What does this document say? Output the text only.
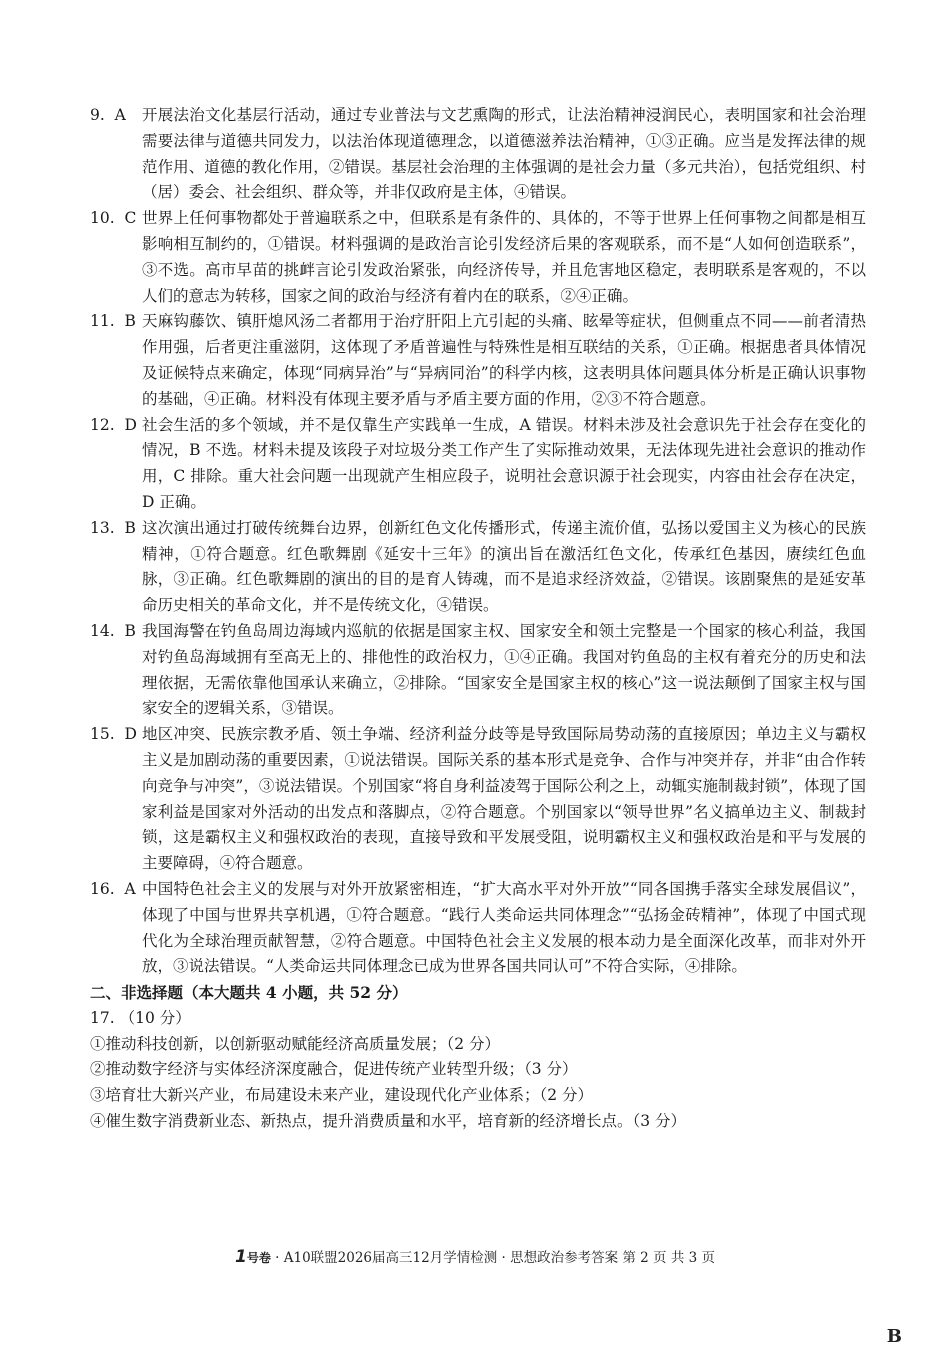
9.  A	开展法治文化基层行活动，通过专业普法与文艺熏陶的形式，让法治精神浸润民心，表明国家和社会治理需要法律与道德共同发力，以法治体现道德理念，以道德滋养法治精神，①③正确。应当是发挥法律的规范作用、道德的教化作用，②错误。基层社会治理的主体强调的是社会力量（多元共治），包括党组织、村（居）委会、社会组织、群众等，并非仅政府是主体，④错误。
10.  C 世界上任何事物都处于普遍联系之中，但联系是有条件的、具体的，不等于世界上任何事物之间都是相互影响相互制约的，①错误。材料强调的是政治言论引发经济后果的客观联系，而不是“人如何创造联系”，③不选。高市早苗的挑衅言论引发政治紧张，向经济传导，并且危害地区稳定，表明联系是客观的，不以人们的意志为转移，国家之间的政治与经济有着内在的联系，②④正确。
11.  B 天麻钩藤饮、镇肝熄风汤二者都用于治疗肝阳上亢引起的头痛、眩晕等症状，但侧重点不同——前者清热作用强，后者更注重滋阴，这体现了矛盾普遍性与特殊性是相互联结的关系，①正确。根据患者具体情况及证候特点来确定，体现“同病异治”与“异病同治”的科学内核，这表明具体问题具体分析是正确认识事物的基础，④正确。材料没有体现主要矛盾与矛盾主要方面的作用，②③不符合题意。
12.  D 社会生活的多个领域，并不是仅靠生产实践单一生成，A 错误。材料未涉及社会意识先于社会存在变化的情况，B 不选。材料未提及该段子对垃圾分类工作产生了实际推动效果，无法体现先进社会意识的推动作用，C 排除。重大社会问题一出现就产生相应段子，说明社会意识源于社会现实，内容由社会存在决定，D 正确。
13.  B 这次演出通过打破传统舞台边界，创新红色文化传播形式，传递主流价值，弘扬以爱国主义为核心的民族精神，①符合题意。红色歌舞剧《延安十三年》的演出旨在激活红色文化，传承红色基因，赓续红色血脉，③正确。红色歌舞剧的演出的目的是育人铸魂，而不是追求经济效益，②错误。该剧聚焦的是延安革命历史相关的革命文化，并不是传统文化，④错误。
14.  B 我国海警在钓鱼岛周边海域内巡航的依据是国家主权、国家安全和领土完整是一个国家的核心利益，我国对钓鱼岛海域拥有至高无上的、排他性的政治权力，①④正确。我国对钓鱼岛的主权有着充分的历史和法理依据，无需依靠他国承认来确立，②排除。“国家安全是国家主权的核心”这一说法颠倒了国家主权与国家安全的逻辑关系，③错误。
15.  D 地区冲突、民族宗教矛盾、领土争端、经济利益分歧等是导致国际局势动荡的直接原因；单边主义与霸权主义是加剧动荡的重要因素，①说法错误。国际关系的基本形式是竞争、合作与冲突并存，并非“由合作转向竞争与冲突”，③说法错误。个别国家“将自身利益凌驾于国际公利之上，动辄实施制裁封锁”，体现了国家利益是国家对外活动的出发点和落脚点，②符合题意。个别国家以“领导世界”名义搞单边主义、制裁封锁，这是霸权主义和强权政治的表现，直接导致和平发展受阻，说明霸权主义和强权政治是和平与发展的主要障碍，④符合题意。
16.  A 中国特色社会主义的发展与对外开放紧密相连，“扩大高水平对外开放”“同各国携手落实全球发展倡议”，体现了中国与世界共享机遇，①符合题意。“践行人类命运共同体理念”“弘扬金砖精神”，体现了中国式现代化为全球治理贡献智慧，②符合题意。中国特色社会主义发展的根本动力是全面深化改革，而非对外开放，③说法错误。“人类命运共同体理念已成为世界各国共同认可”不符合实际，④排除。
二、非选择题（本大题共 4 小题，共 52 分）
17. （10 分）
①推动科技创新，以创新驱动赋能经济高质量发展；（2 分）
②推动数字经济与实体经济深度融合，促进传统产业转型升级；（3 分）
③培育壮大新兴产业，布局建设未来产业，建设现代化产业体系；（2 分）
④催生数字消费新业态、新热点，提升消费质量和水平，培育新的经济增长点。（3 分）
1号卷 · A10联盟2026届高三12月学情检测 · 思想政治参考答案 第 2 页 共 3 页
B
